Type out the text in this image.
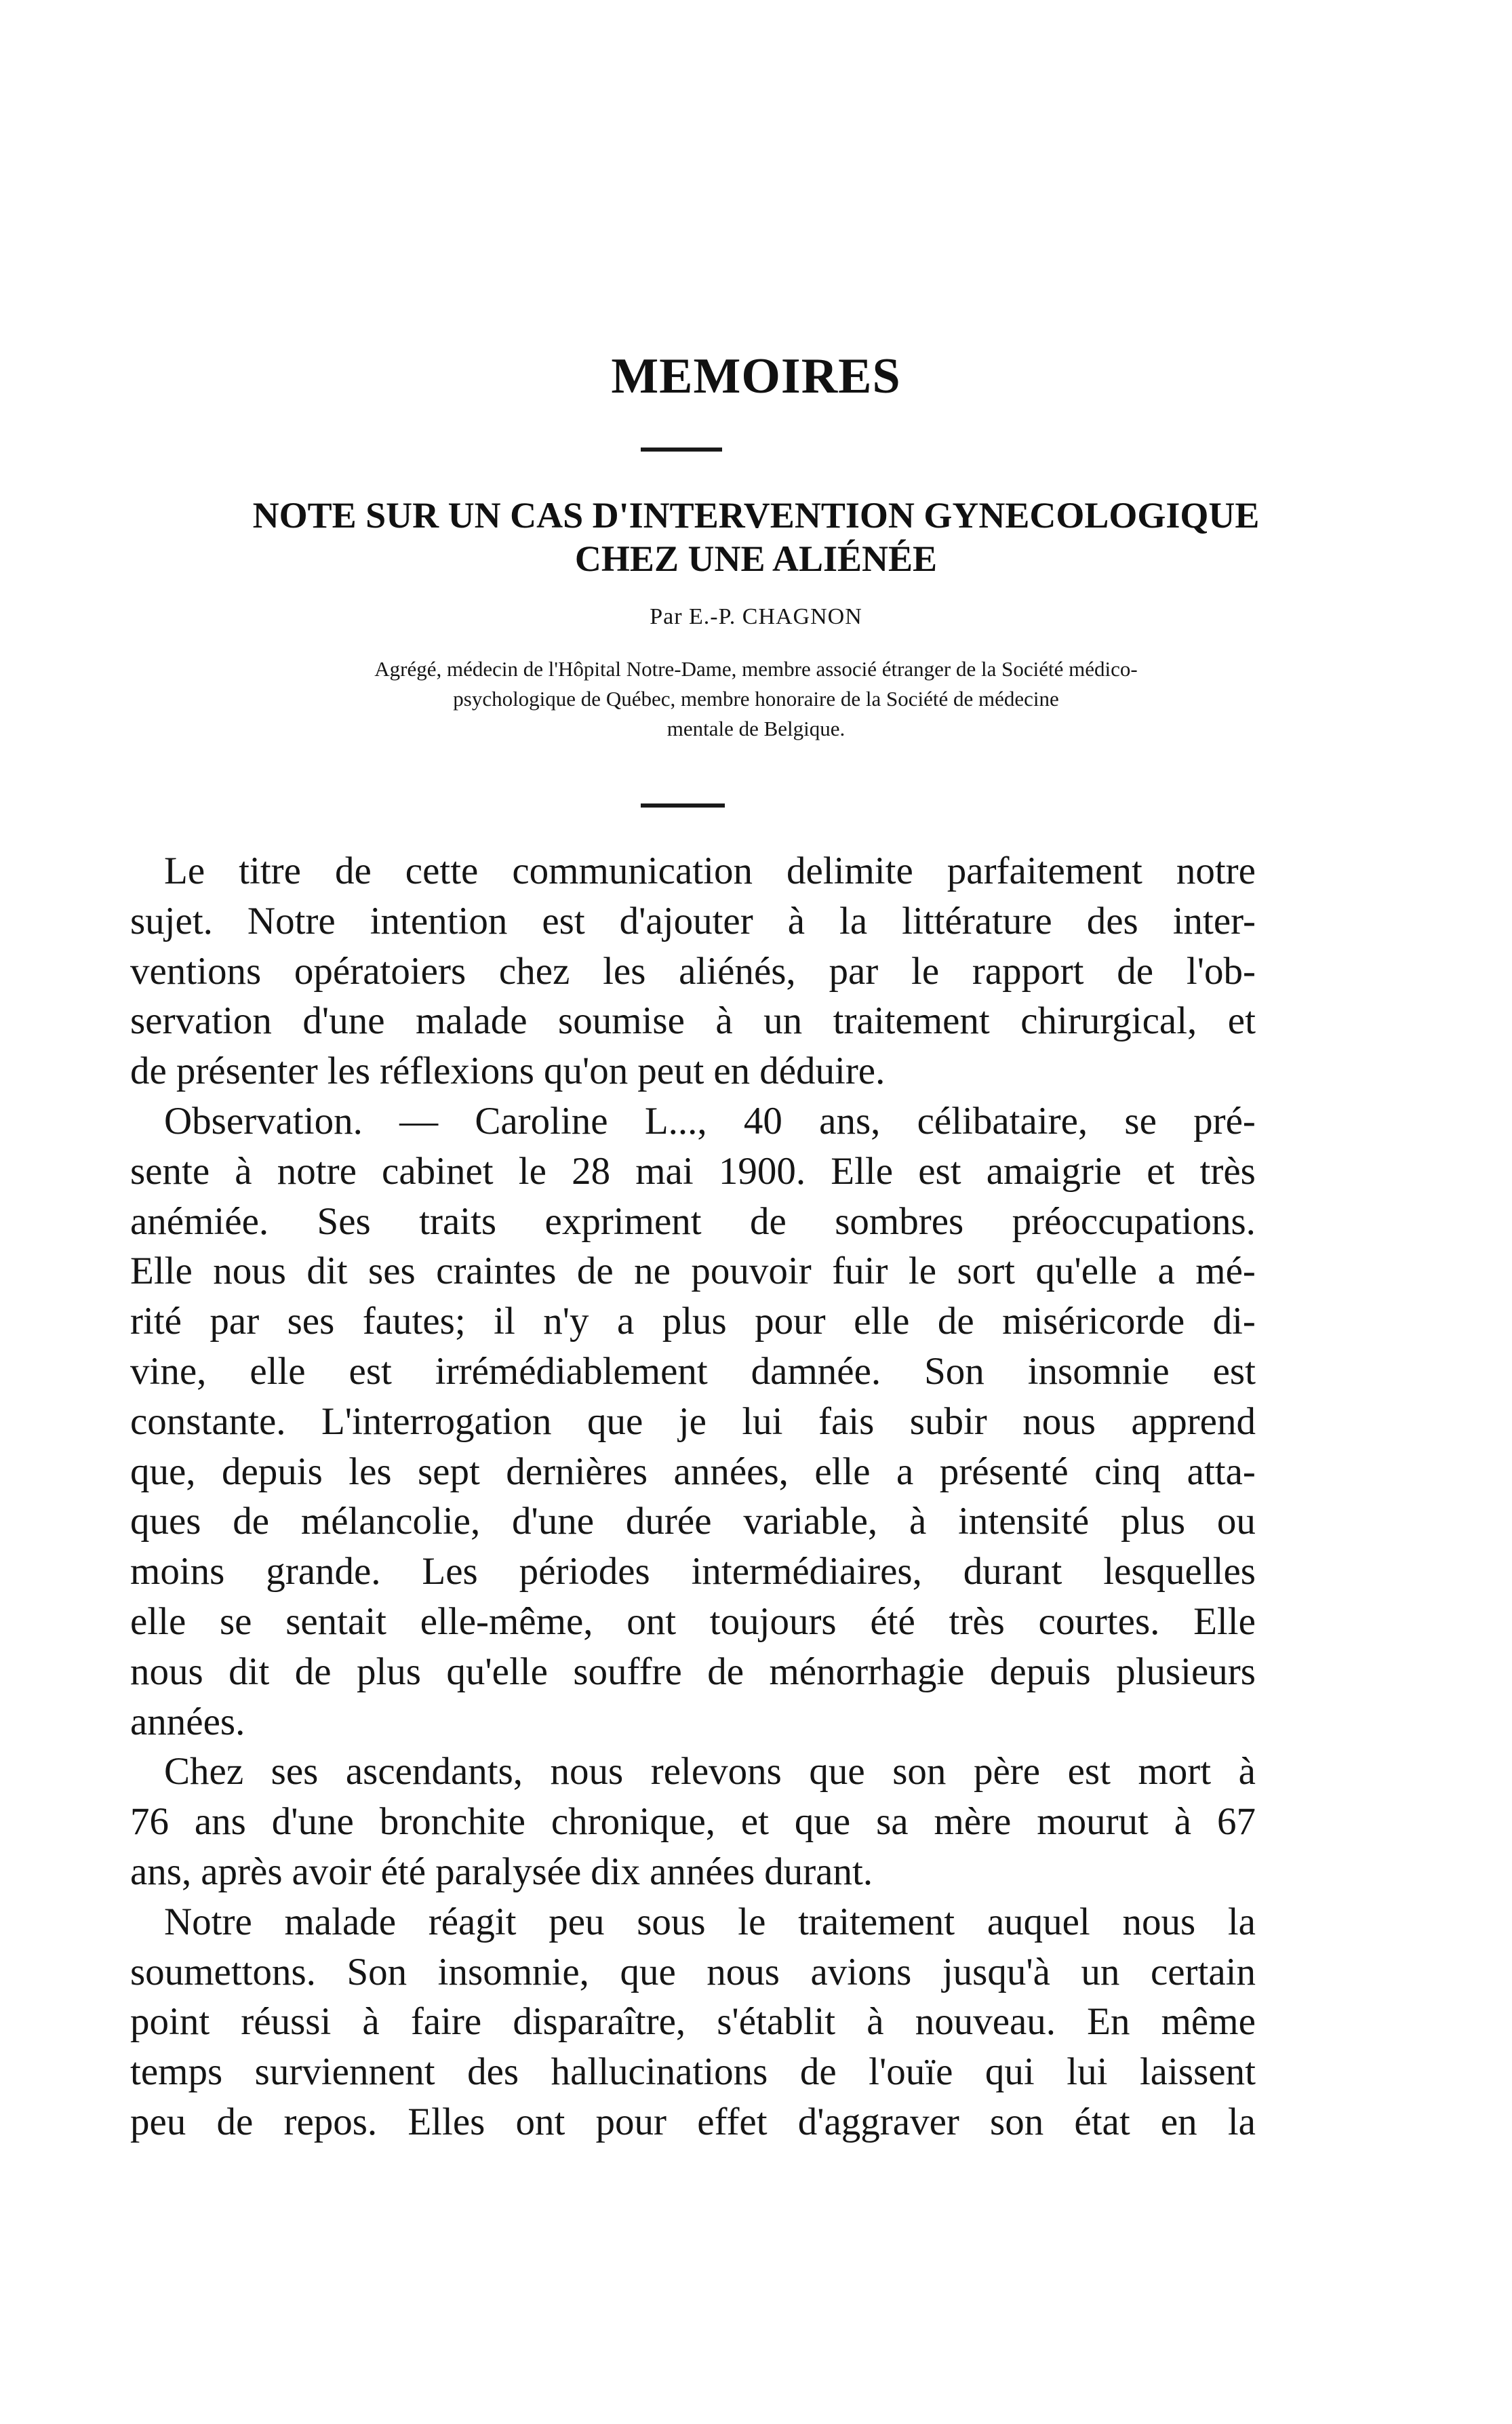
MEMOIRES
NOTE SUR UN CAS D'INTERVENTION GYNECOLOGIQUE
CHEZ UNE ALIÉNÉE
Par E.-P. CHAGNON
Agrégé, médecin de l'Hôpital Notre-Dame, membre associé étranger de la Société médico-
psychologique de Québec, membre honoraire de la Société de médecine
mentale de Belgique.
Le titre de cette communication delimite parfaitement notre
sujet. Notre intention est d'ajouter à la littérature des inter-
ventions opératoiers chez les aliénés, par le rapport de l'ob-
servation d'une malade soumise à un traitement chirurgical, et
de présenter les réflexions qu'on peut en déduire.
Observation. — Caroline L..., 40 ans, célibataire, se pré-
sente à notre cabinet le 28 mai 1900. Elle est amaigrie et très
anémiée. Ses traits expriment de sombres préoccupations.
Elle nous dit ses craintes de ne pouvoir fuir le sort qu'elle a mé-
rité par ses fautes; il n'y a plus pour elle de miséricorde di-
vine, elle est irrémédiablement damnée. Son insomnie est
constante. L'interrogation que je lui fais subir nous apprend
que, depuis les sept dernières années, elle a présenté cinq atta-
ques de mélancolie, d'une durée variable, à intensité plus ou
moins grande. Les périodes intermédiaires, durant lesquelles
elle se sentait elle-même, ont toujours été très courtes. Elle
nous dit de plus qu'elle souffre de ménorrhagie depuis plusieurs
années.
Chez ses ascendants, nous relevons que son père est mort à
76 ans d'une bronchite chronique, et que sa mère mourut à 67
ans, après avoir été paralysée dix années durant.
Notre malade réagit peu sous le traitement auquel nous la
soumettons. Son insomnie, que nous avions jusqu'à un certain
point réussi à faire disparaître, s'établit à nouveau. En même
temps surviennent des hallucinations de l'ouïe qui lui laissent
peu de repos. Elles ont pour effet d'aggraver son état en la
